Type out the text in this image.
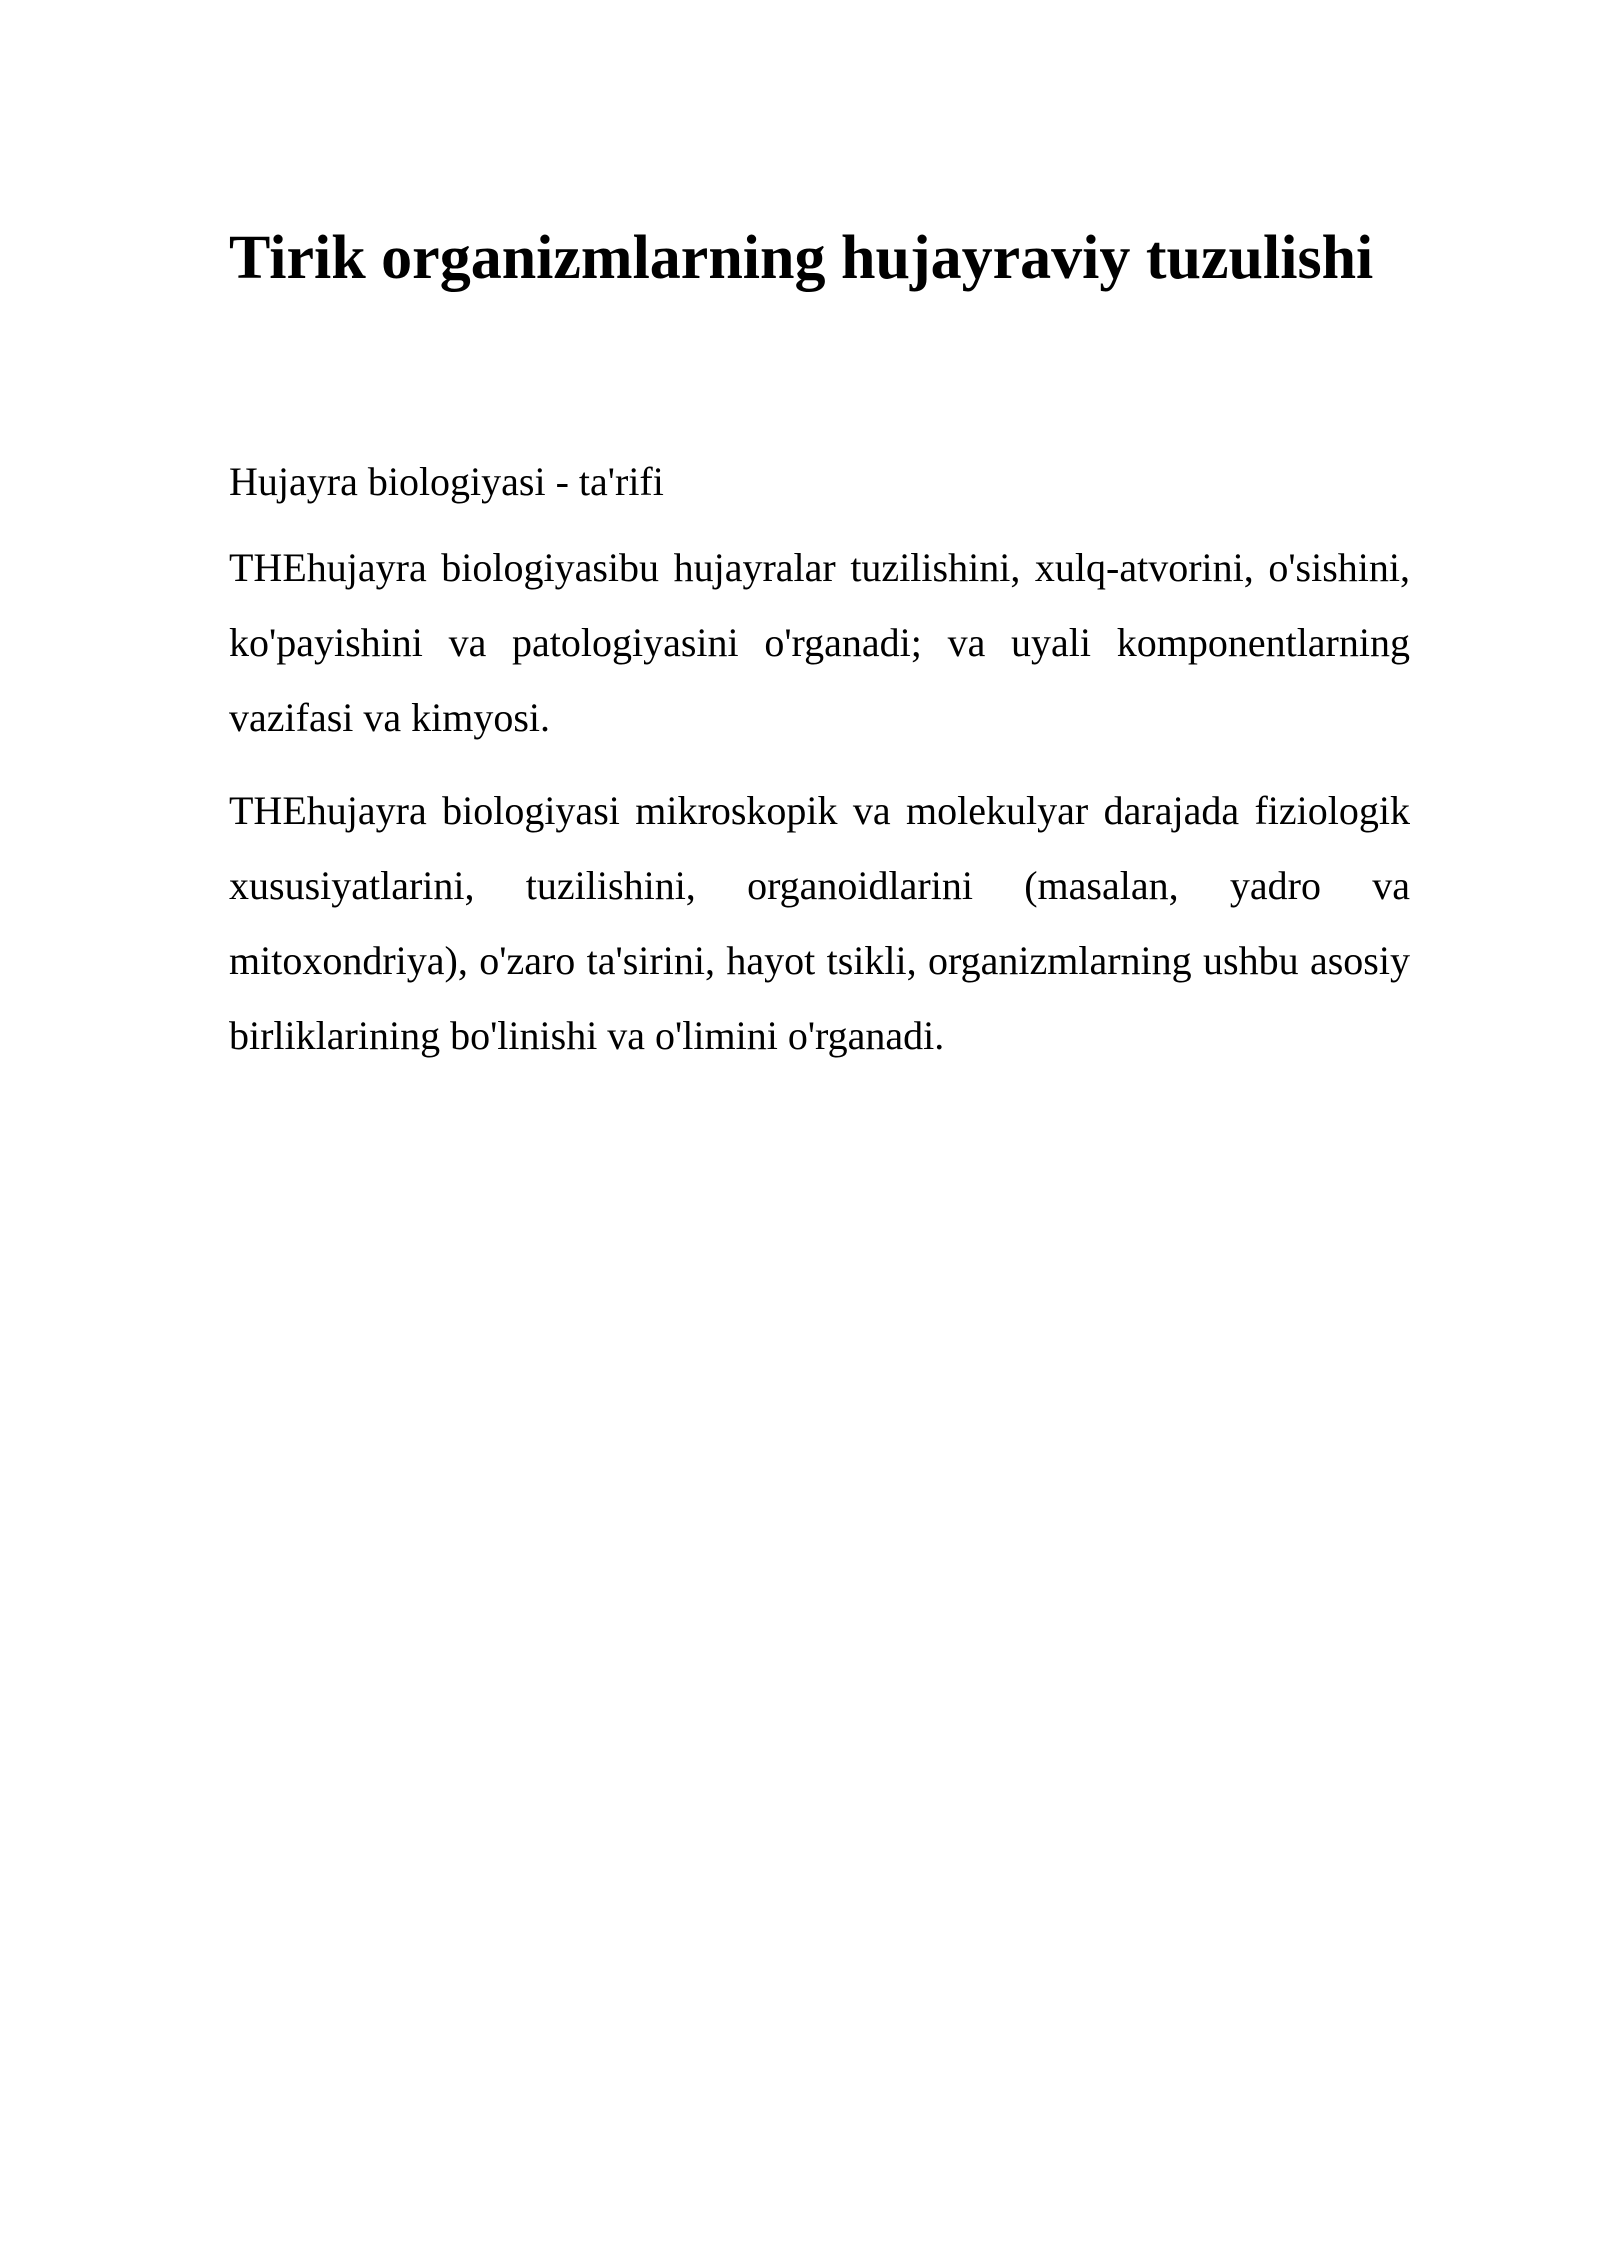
Tirik organizmlarning hujayraviy tuzulishi

Hujayra biologiyasi - ta'rifi

THEhujayra biologiyasibu hujayralar tuzilishini, xulq-atvorini, o'sishini, ko'payishini va patologiyasini o'rganadi; va uyali komponentlarning vazifasi va kimyosi.

THEhujayra biologiyasi mikroskopik va molekulyar darajada fiziologik xususiyatlarini, tuzilishini, organoidlarini (masalan, yadro va mitoxondriya), o'zaro ta'sirini, hayot tsikli, organizmlarning ushbu asosiy birliklarining bo'linishi va o'limini o'rganadi.
